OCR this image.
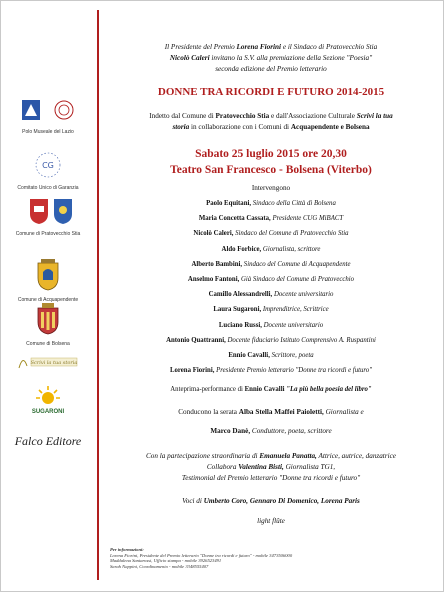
Polo Museale del Lazio
CG
Comitato Unico di Garanzia
Comune di Pratovecchio Stia
Comune di Acquapendente
Comune di Bolsena
Scrivi la tua storia
SUGARONI
Falco Editore
Il Presidente del Premio Lorena Fiorini e il Sindaco di Pratovecchio Stia
Nicolò Caleri invitano la S.V. alla premiazione della Sezione "Poesia"
seconda edizione del Premio letterario
DONNE TRA RICORDI E FUTURO 2014-2015
Indetto dal Comune di Pratovecchio Stia e dall'Associazione Culturale Scrivi la tua
storia in collaborazione con i Comuni di Acquapendente e Bolsena
Sabato 25 luglio 2015 ore 20,30
Teatro San Francesco - Bolsena (Viterbo)
Intervengono
Paolo Equitani, Sindaco della Città di Bolsena
Maria Concetta Cassata, Presidente CUG MiBACT
Nicolò Caleri, Sindaco del Comune di Pratovecchio Stia
Aldo Forbice, Giornalista, scrittore
Alberto Bambini, Sindaco del Comune di Acquapendente
Anselmo Fantoni, Già Sindaco del Comune di Pratovecchio
Camillo Alessandrelli, Docente universitario
Laura Sugaroni, Imprenditrice, Scrittrice
Luciano Russi, Docente universitario
Antonio Quattranni, Docente fiduciario Istituto Comprensivo A. Ruspantini
Ennio Cavalli, Scrittore, poeta
Lorena Fiorini, Presidente Premio letterario "Donne tra ricordi e futuro"
Anteprima-performance di Ennio Cavalli "La più bella poesia del libro"
Conducono la serata Alba Stella Maffei Paioletti, Giornalista e
Marco Danè, Conduttore, poeta, scrittore
Con la partecipazione straordinaria di Emanuela Panatta, Attrice, autrice, danzatrice
Collabora Valentina Bisti, Giornalista TG1,
Testimonial del Premio letterario "Donne tra ricordi e futuro"
Voci di Umberto Coro, Gennaro Di Domenico, Lorena Paris
light flûte
Per informazioni:
Lorena Fiorini, Presidente del Premio letterario "Donne tra ricordi e futuro" - mobile 3473506000
Maddalena Santarossi, Ufficio stampa - mobile 3926523491
Sarah Nappini, Coordinamento - mobile 3348555407
